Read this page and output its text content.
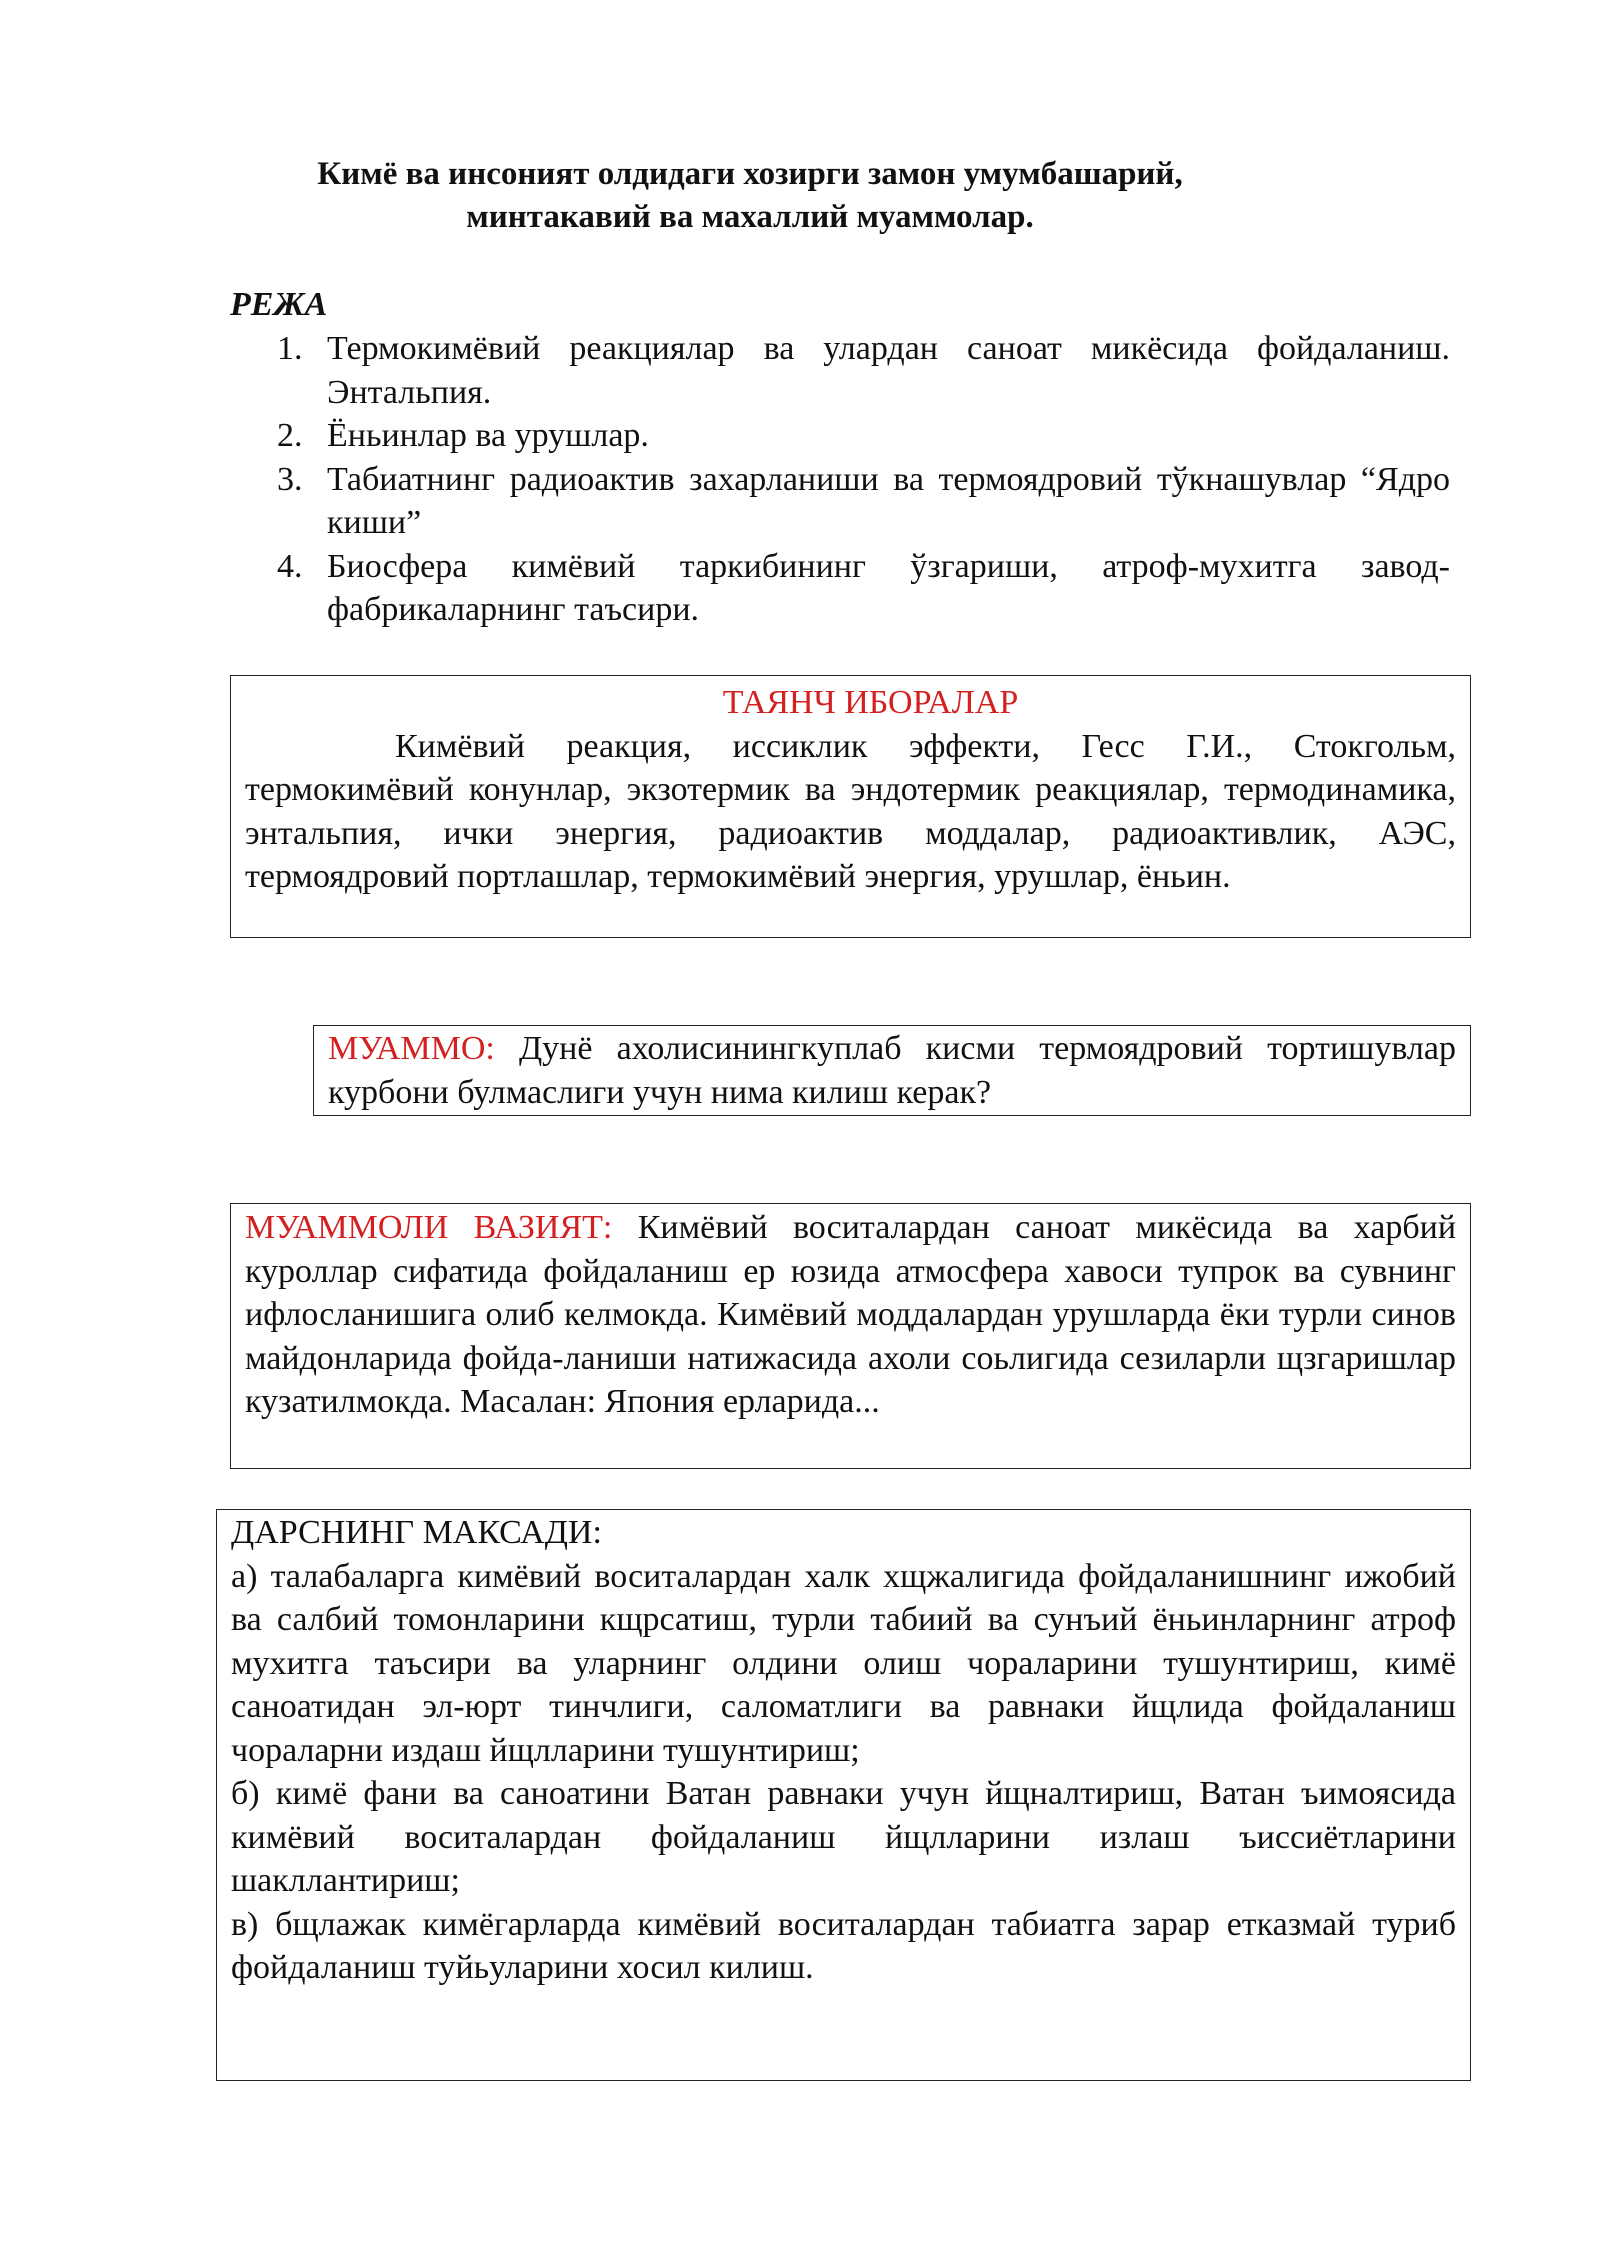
Кимё ва инсоният олдидаги хозирги замон умумбашарий,
минтакавий ва махаллий муаммолар.
РЕЖА
1. Термокимёвий реакциялар ва улардан саноат микёсида фойдаланиш. Энтальпия.
2. Ёньинлар ва урушлар.
3. Табиатнинг радиоактив захарланиши ва термоядровий тўкнашувлар “Ядро киши”
4. Биосфера кимёвий таркибининг ўзгариши, атроф-мухитга завод-фабрикаларнинг таъсири.
ТАЯНЧ ИБОРАЛАР

Кимёвий реакция, иссиклик эффекти, Гесс Г.И., Стокгольм, термокимёвий конунлар, экзотермик ва эндотермик реакциялар, термодинамика, энтальпия, ички энергия, радиоактив моддалар, радиоактивлик, АЭС, термоядровий портлашлар, термокимёвий энергия, урушлар, ёньин.

МУАММО: Дунё ахолисинингкуплаб кисми термоядровий тортишувлар курбони булмаслиги учун нима килиш керак?

МУАММОЛИ ВАЗИЯТ: Кимёвий воситалардан саноат микёсида ва харбий куроллар сифатида фойдаланиш ер юзида атмосфера хавоси тупрок ва сувнинг ифлосланишига олиб келмокда. Кимёвий моддалардан урушларда ёки турли синов майдонларида фойда-ланиши натижасида ахоли соьлигида сезиларли щзгаришлар кузатилмокда. Масалан: Япония ерларида...

ДАРСНИНГ МАКСАДИ:

а) талабаларга кимёвий воситалардан халк хщжалигида фойдаланишнинг ижобий ва салбий томонларини кщрсатиш, турли табиий ва сунъий ёньинларнинг атроф мухитга таъсири ва уларнинг олдини олиш чораларини тушунтириш, кимё саноатидан эл-юрт тинчлиги, саломатлиги ва равнаки йщлида фойдаланиш чораларни издаш йщлларини тушунтириш;

б) кимё фани ва саноатини Ватан равнаки учун йщналтириш, Ватан ъимоясида кимёвий воситалардан фойдаланиш йщлларини излаш ъиссиётларини шакллантириш;

в) бщлажак кимёгарларда кимёвий воситалардан табиатга зарар етказмай туриб фойдаланиш туйьуларини хосил килиш.
